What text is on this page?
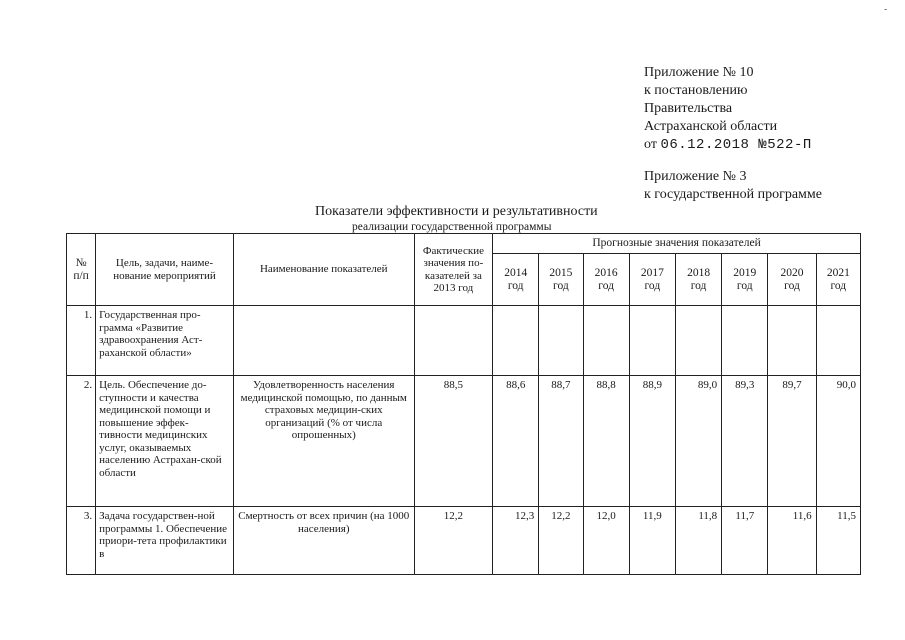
-
Приложение № 10
к постановлению
Правительства
Астраханской области
от 06.12.2018 №522-П
Приложение № 3
к государственной программе
Показатели эффективности и результативности
реализации государственной программы
№ п/п	Цель, задачи, наиме-нование мероприятий	Наименование показателей	Фактические значения по-казателей за 2013 год	Прогнозные значения показателей							
				2014 год	2015 год	2016 год	2017 год	2018 год	2019 год	2020 год	2021 год
1.	Государственная про-грамма «Развитие здравоохранения Аст-раханской области»										
2.	Цель. Обеспечение до-ступности и качества медицинской помощи и повышение эффек-тивности медицинских услуг, оказываемых населению Астрахан-ской области	Удовлетворенность населения медицинской помощью, по данным страховых медицин-ских организаций (% от числа опрошенных)	88,5	88,6	88,7	88,8	88,9	89,0	89,3	89,7	90,0
3.	Задача государствен-ной программы 1. Обеспечение приори-тета профилактики в	Смертность от всех причин (на 1000 населения)	12,2	12,3	12,2	12,0	11,9	11,8	11,7	11,6	11,5
